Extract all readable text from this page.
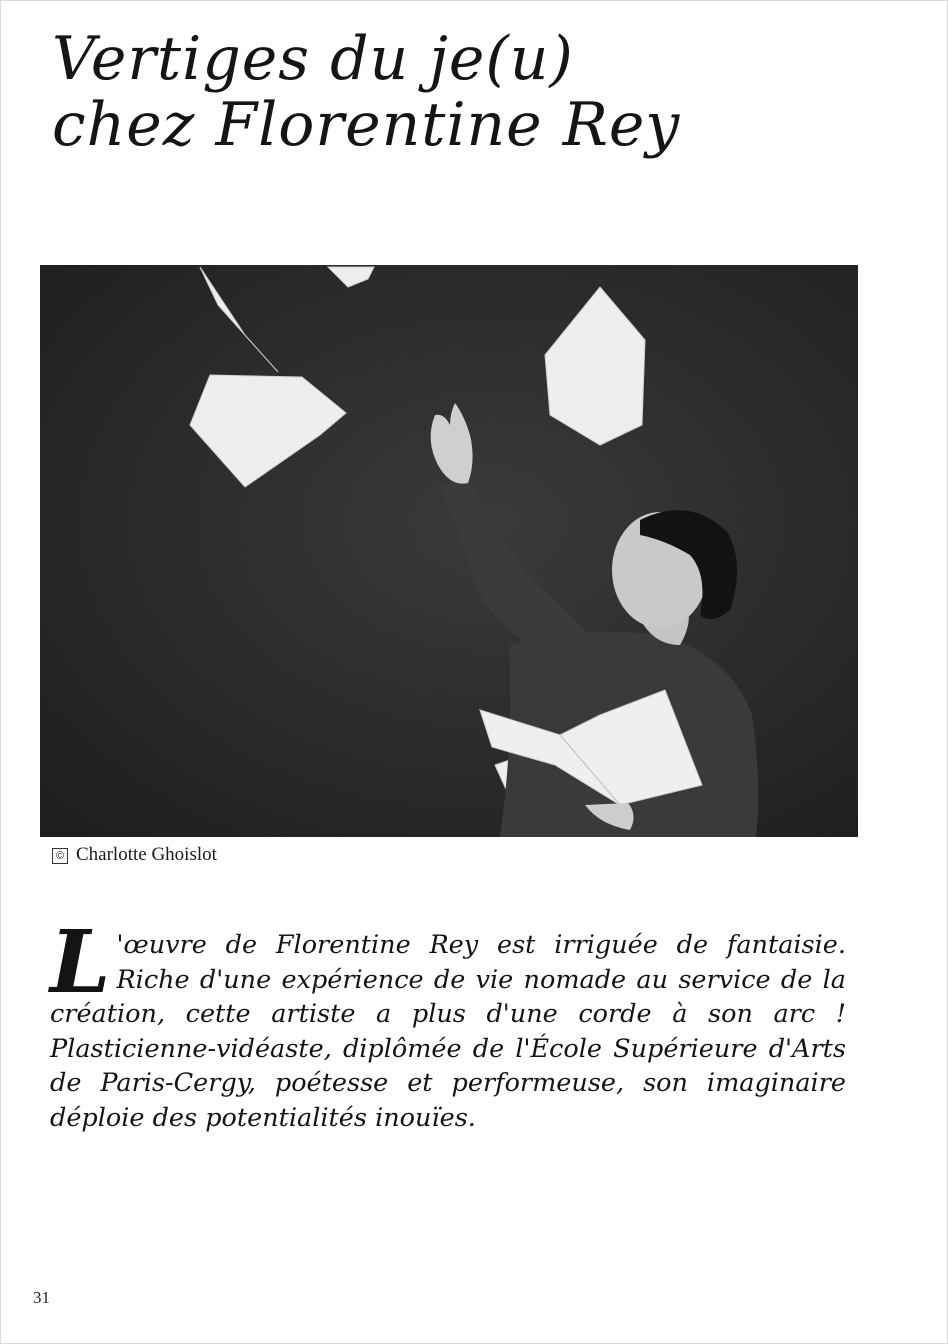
Vertiges du je(u)
chez Florentine Rey
© Charlotte Ghoislot

L 'œuvre de Florentine Rey est irriguée de fantaisie. Riche d'une expérience de vie nomade au service de la création, cette artiste a plus d'une corde à son arc ! Plasticienne-vidéaste, diplômée de l'École Supérieure d'Arts de Paris-Cergy, poétesse et performeuse, son imaginaire déploie des potentialités inouïes.

31
